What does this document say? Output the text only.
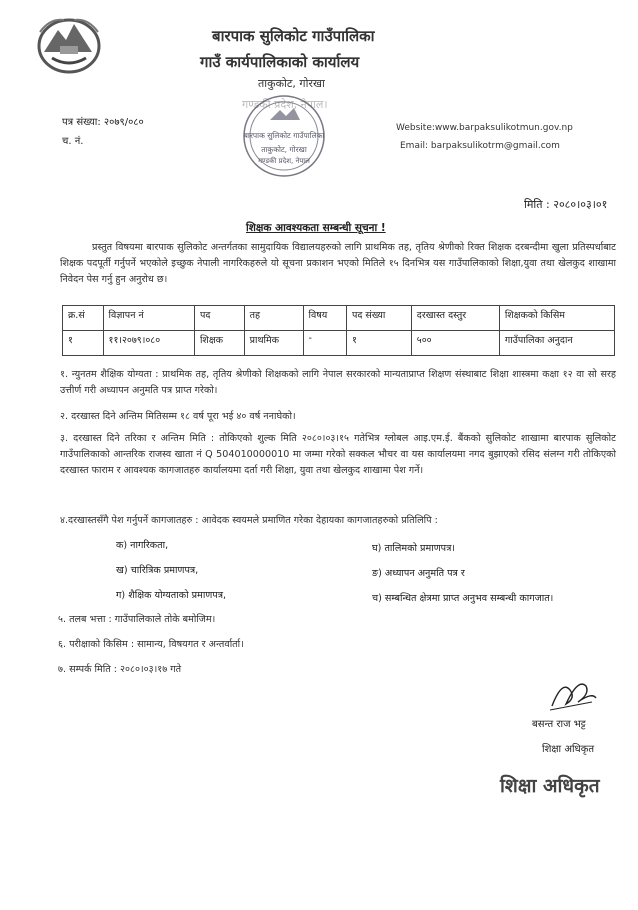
बारपाक सुलिकोट गाउँपालिका
गाउँ कार्यपालिकाको कार्यालय
ताकुकोट, गोरखा
गण्डकी प्रदेश, नेपाल।
बारपाक सुलिकोट गाउँपालिका
ताकुकोट, गोरखा
गण्डकी प्रदेश, नेपाल
पत्र संख्या: २०७९/०८०
च. नं.
Website:www.barpaksulikotmun.gov.np
Email: barpaksulikotrm@gmail.com
मिति : २०८०।०३।०१
शिक्षक आवश्यकता सम्बन्धी सूचना !
प्रस्तुत विषयमा बारपाक सुलिकोट अन्तर्गतका सामुदायिक विद्यालयहरुको लागि प्राथमिक तह, तृतिय श्रेणीको रिक्त शिक्षक दरबन्दीमा खुला प्रतिस्पर्धाबाट शिक्षक पदपूर्ती गर्नुपर्ने भएकोले इच्छुक नेपाली नागरिकहरुले यो सूचना प्रकाशन भएको मितिले १५ दिनभित्र यस गाउँपालिकाको शिक्षा,युवा तथा खेलकुद शाखामा निवेदन पेस गर्नु हुन अनुरोध छ।
क्र.सं	विज्ञापन नं	पद	तह	विषय	पद संख्या	दरखास्त दस्तुर	शिक्षकको किसिम
१	११।२०७९।०८०	शिक्षक	प्राथमिक	-	१	५००	गाउँपालिका अनुदान
१. न्युनतम शैक्षिक योग्यता : प्राथमिक तह, तृतिय श्रेणीको शिक्षकको लागि नेपाल सरकारको मान्यताप्राप्त शिक्षण संस्थाबाट शिक्षा शास्त्रमा कक्षा १२ वा सो सरह उत्तीर्ण गरी अध्यापन अनुमति पत्र प्राप्त गरेको।
२. दरखास्त दिने अन्तिम मितिसम्म १८ वर्ष पूरा भई ४० वर्ष ननाघेको।
३. दरखास्त दिने तरिका र अन्तिम मिति : तोकिएको शुल्क मिति २०८०।०३।१५ गतेभित्र ग्लोबल आइ.एम.ई. बैंकको सुलिकोट शाखामा बारपाक सुलिकोट गाउँपालिकाको आन्तरिक राजस्व खाता नं Q 504010000010 मा जम्मा गरेको सक्कल भौचर वा यस कार्यालयमा नगद बुझाएको रसिद संलग्न गरी तोकिएको दरखास्त फाराम र आवश्यक कागजातहरु कार्यालयमा दर्ता गरी शिक्षा, युवा तथा खेलकुद शाखामा पेश गर्ने।
४.दरखास्तसँगै पेश गर्नुपर्ने कागजातहरु : आवेदक स्वयमले प्रमाणित गरेका देहायका कागजातहरुको प्रतिलिपि :
क) नागरिकता,
ख) चारित्रिक प्रमाणपत्र,
ग) शैक्षिक योग्यताको प्रमाणपत्र,
घ) तालिमको प्रमाणपत्र।
ङ) अध्यापन अनुमति पत्र र
च) सम्बन्धित क्षेत्रमा प्राप्त अनुभव सम्बन्धी कागजात।
५. तलब भत्ता : गाउँपालिकाले तोके बमोजिम।
६. परीक्षाको किसिम : सामान्य, विषयगत र अन्तर्वार्ता।
७. सम्पर्क मिति : २०८०।०३।१७ गते
बसन्त राज भट्ट
शिक्षा अधिकृत
शिक्षा अधिकृत
